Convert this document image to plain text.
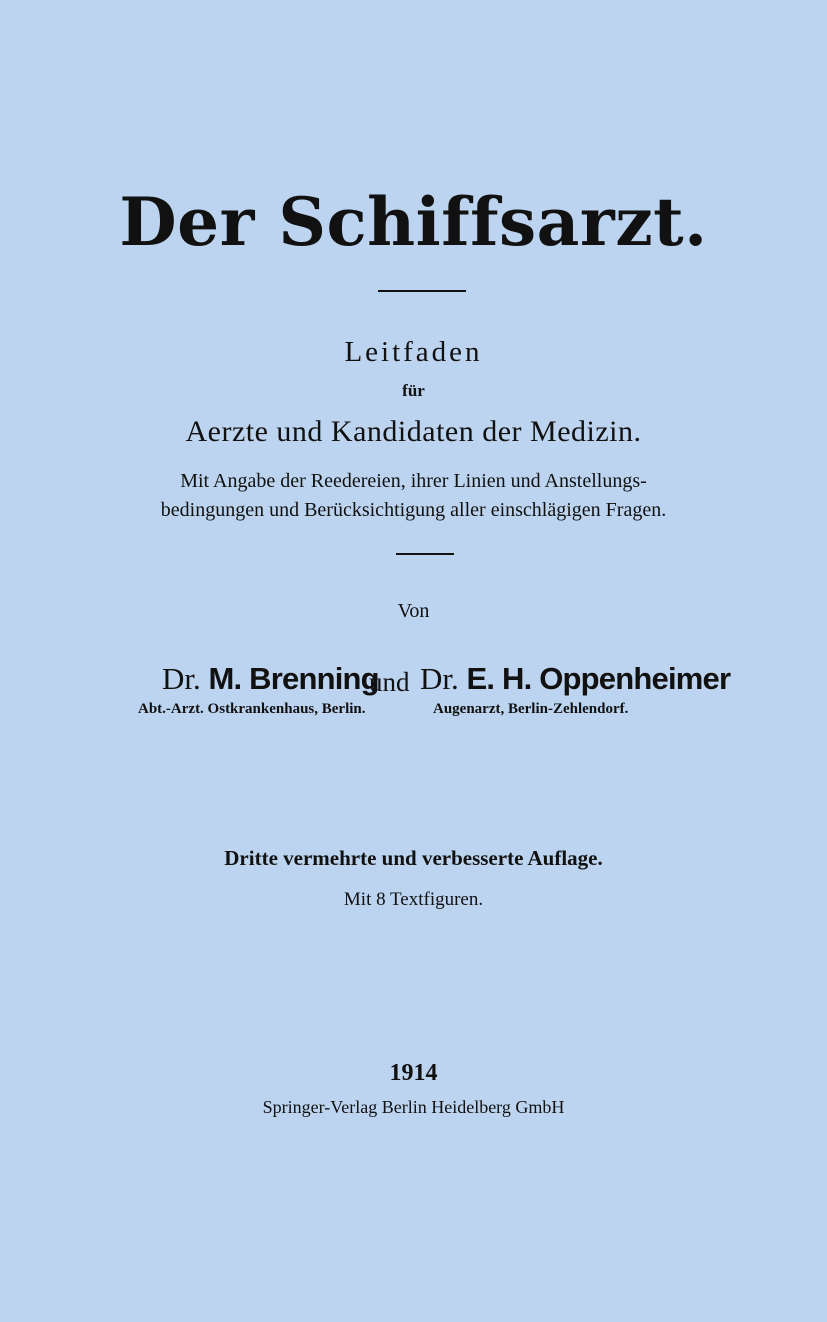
Der Schiffsarzt.
Leitfaden
für
Aerzte und Kandidaten der Medizin.
Mit Angabe der Reedereien, ihrer Linien und Anstellungs-
bedingungen und Berücksichtigung aller einschlägigen Fragen.
Von
Dr. M. Brenning
und Dr. E. H. Oppenheimer
Abt.-Arzt. Ostkrankenhaus, Berlin.	Augenarzt, Berlin-Zehlendorf.
Dritte vermehrte und verbesserte Auflage.
Mit 8 Textfiguren.
1914
Springer-Verlag Berlin Heidelberg GmbH
